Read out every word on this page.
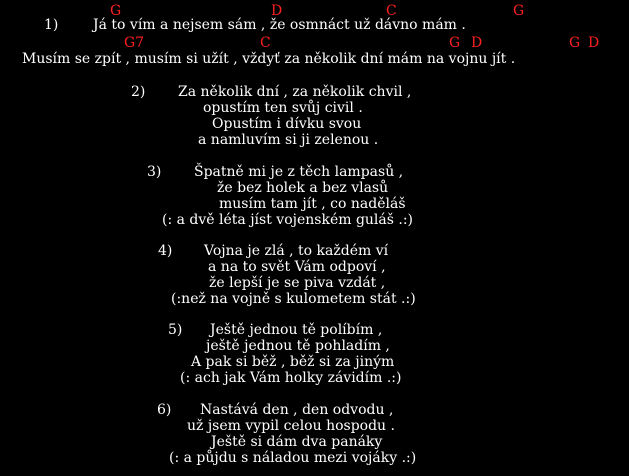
G	D	C	G
1) Já to vím a nejsem sám , že osmnáct už dávno mám .
G7	C	G D	G D
Musím se zpít , musím si užít , vždyť za několik dní mám na vojnu jít .
2) Za několik dní , za několik chvil ,
opustím ten svůj civil .
Opustím i dívku svou
a namluvím si ji zelenou .
3) Špatně mi je z těch lampasů ,
že bez holek a bez vlasů
musím tam jít , co naděláš
(: a dvě léta jíst vojenském guláš .:)
4) Vojna je zlá , to každém ví
a na to svět Vám odpoví ,
že lepší je se piva vzdát ,
(:než na vojně s kulometem stát .:)
5) Ještě jednou tě políbím ,
ještě jednou tě pohladím ,
A pak si běž , běž si za jiným
(: ach jak Vám holky závidím .:)
6) Nastává den , den odvodu ,
už jsem vypil celou hospodu .
Ještě si dám dva panáky
(: a půjdu s náladou mezi vojáky .:)
